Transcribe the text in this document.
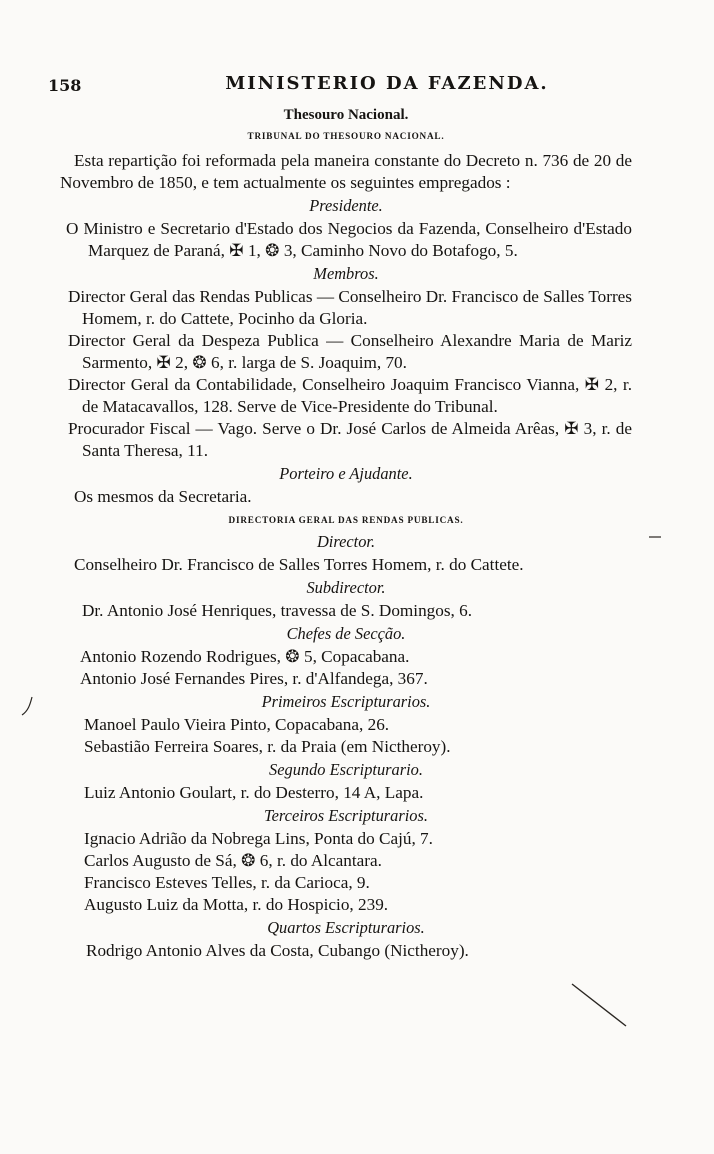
158	MINISTERIO DA FAZENDA.
Thesouro Nacional.
TRIBUNAL DO THESOURO NACIONAL.
Esta repartição foi reformada pela maneira constante do Decreto n. 736 de 20 de Novembro de 1850, e tem actualmente os seguintes empregados :
Presidente.
O Ministro e Secretario d'Estado dos Negocios da Fazenda, Conselheiro d'Estado Marquez de Paraná, ✠ 1, ❂ 3, Caminho Novo do Botafogo, 5.
Membros.
Director Geral das Rendas Publicas — Conselheiro Dr. Francisco de Salles Torres Homem, r. do Cattete, Pocinho da Gloria.
Director Geral da Despeza Publica — Conselheiro Alexandre Maria de Mariz Sarmento, ✠ 2, ❂ 6, r. larga de S. Joaquim, 70.
Director Geral da Contabilidade, Conselheiro Joaquim Francisco Vianna, ✠ 2, r. de Matacavallos, 128. Serve de Vice-Presidente do Tribunal.
Procurador Fiscal — Vago. Serve o Dr. José Carlos de Almeida Arêas, ✠ 3, r. de Santa Theresa, 11.
Porteiro e Ajudante.
Os mesmos da Secretaria.
DIRECTORIA GERAL DAS RENDAS PUBLICAS.
Director.
Conselheiro Dr. Francisco de Salles Torres Homem, r. do Cattete.
Subdirector.
Dr. Antonio José Henriques, travessa de S. Domingos, 6.
Chefes de Secção.
Antonio Rozendo Rodrigues, ❂ 5, Copacabana.
Antonio José Fernandes Pires, r. d'Alfandega, 367.
Primeiros Escripturarios.
Manoel Paulo Vieira Pinto, Copacabana, 26.
Sebastião Ferreira Soares, r. da Praia (em Nictheroy).
Segundo Escripturario.
Luiz Antonio Goulart, r. do Desterro, 14 A, Lapa.
Terceiros Escripturarios.
Ignacio Adrião da Nobrega Lins, Ponta do Cajú, 7.
Carlos Augusto de Sá, ❂ 6, r. do Alcantara.
Francisco Esteves Telles, r. da Carioca, 9.
Augusto Luiz da Motta, r. do Hospicio, 239.
Quartos Escripturarios.
Rodrigo Antonio Alves da Costa, Cubango (Nictheroy).
